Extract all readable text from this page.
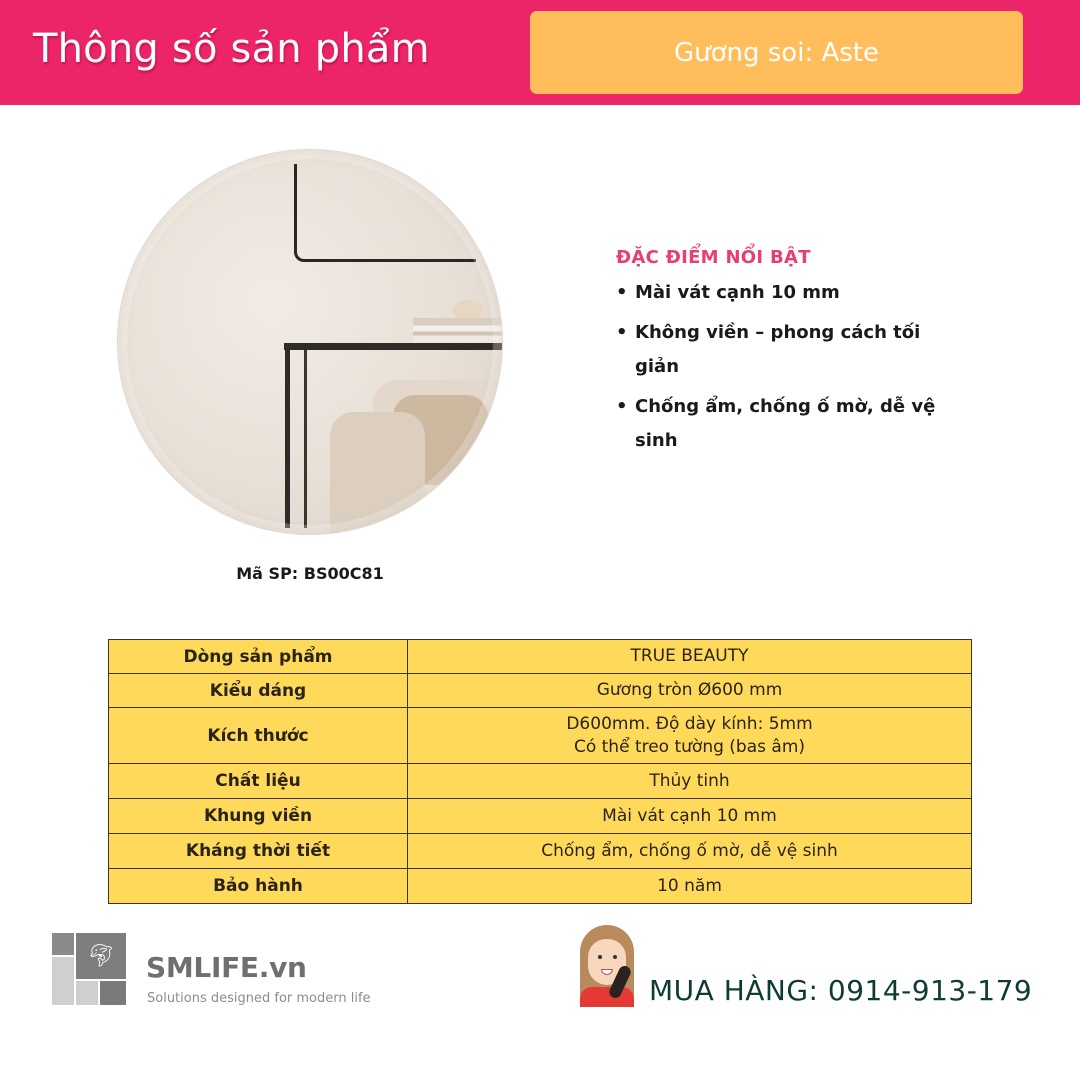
Thông số sản phẩm	Gương soi: Aste
Mã SP: BS00C81
ĐẶC ĐIỂM NỔI BẬT
• Mài vát cạnh 10 mm
• Không viền – phong cách tối giản
• Chống ẩm, chống ố mờ, dễ vệ sinh
Dòng sản phẩm	TRUE BEAUTY
Kiểu dáng	Gương tròn Ø600 mm
Kích thước	D600mm. Độ dày kính: 5mm
Có thể treo tường (bas âm)

Chất liệu	Thủy tinh
Khung viền	Mài vát cạnh 10 mm
Kháng thời tiết	Chống ẩm, chống ố mờ, dễ vệ sinh
Bảo hành	10 năm
🐬︎	SMLIFE.vn
Solutions designed for modern life	MUA HÀNG: 0914-913-179
